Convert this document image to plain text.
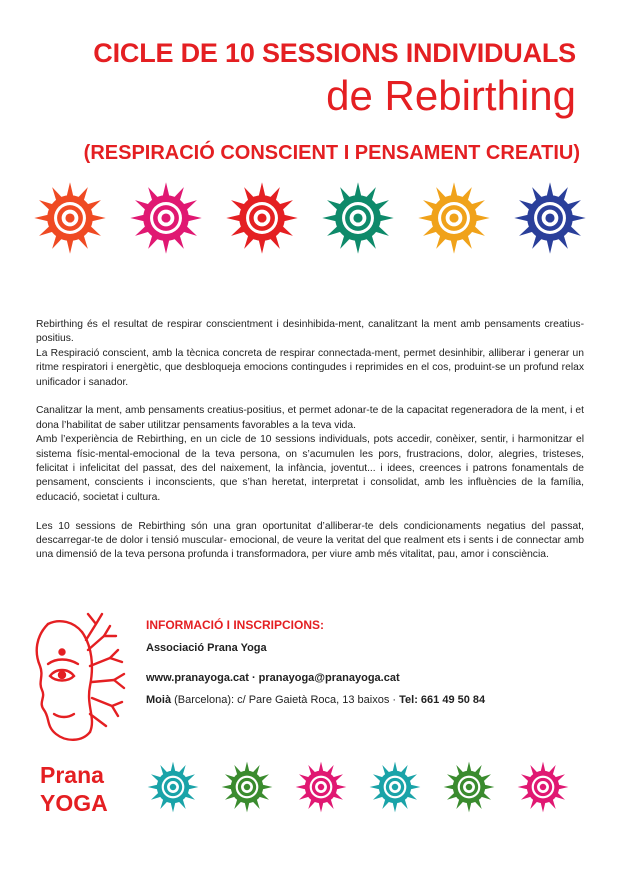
CICLE DE 10 SESSIONS INDIVIDUALS
de Rebirthing
(RESPIRACIÓ CONSCIENT I PENSAMENT CREATIU)

Rebirthing és el resultat de respirar conscientment i desinhibida-ment, canalitzant la ment amb pensaments creatius-positius.

La Respiració conscient, amb la tècnica concreta de respirar connectada-ment, permet desinhibir, alliberar i generar un ritme respiratori i energètic, que desbloqueja emocions contingudes i reprimides en el cos, produint-se un profund relax unificador i sanador.

Canalitzar la ment, amb pensaments creatius-positius, et permet adonar-te de la capacitat regeneradora de la ment, i et dona l’habilitat de saber utilitzar pensaments favorables a la teva vida.

Amb l’experiència de Rebirthing, en un cicle de 10 sessions individuals, pots accedir, conèixer, sentir, i harmonitzar el sistema físic-mental-emocional de la teva persona, on s’acumulen les pors, frustracions, dolor, alegries, tristeses, felicitat i infelicitat del passat, des del naixement, la infància, joventut... i idees, creences i patrons fonamentals de pensament, conscients i inconscients, que s’han heretat, interpretat i consolidat, amb les influències de la família, educació, societat i cultura.

Les 10 sessions de Rebirthing són una gran oportunitat d’alliberar-te dels condicionaments negatius del passat, descarregar-te de dolor i tensió muscular- emocional, de veure la veritat del que realment ets i sents i de connectar amb una dimensió de la teva persona profunda i transformadora, per viure amb més vitalitat, pau, amor i consciència.

Prana
YOGA
INFORMACIÓ I INSCRIPCIONS:
Associació Prana Yoga
www.pranayoga.cat · pranayoga@pranayoga.cat
Moià (Barcelona): c/ Pare Gaietà Roca, 13 baixos · Tel: 661 49 50 84
